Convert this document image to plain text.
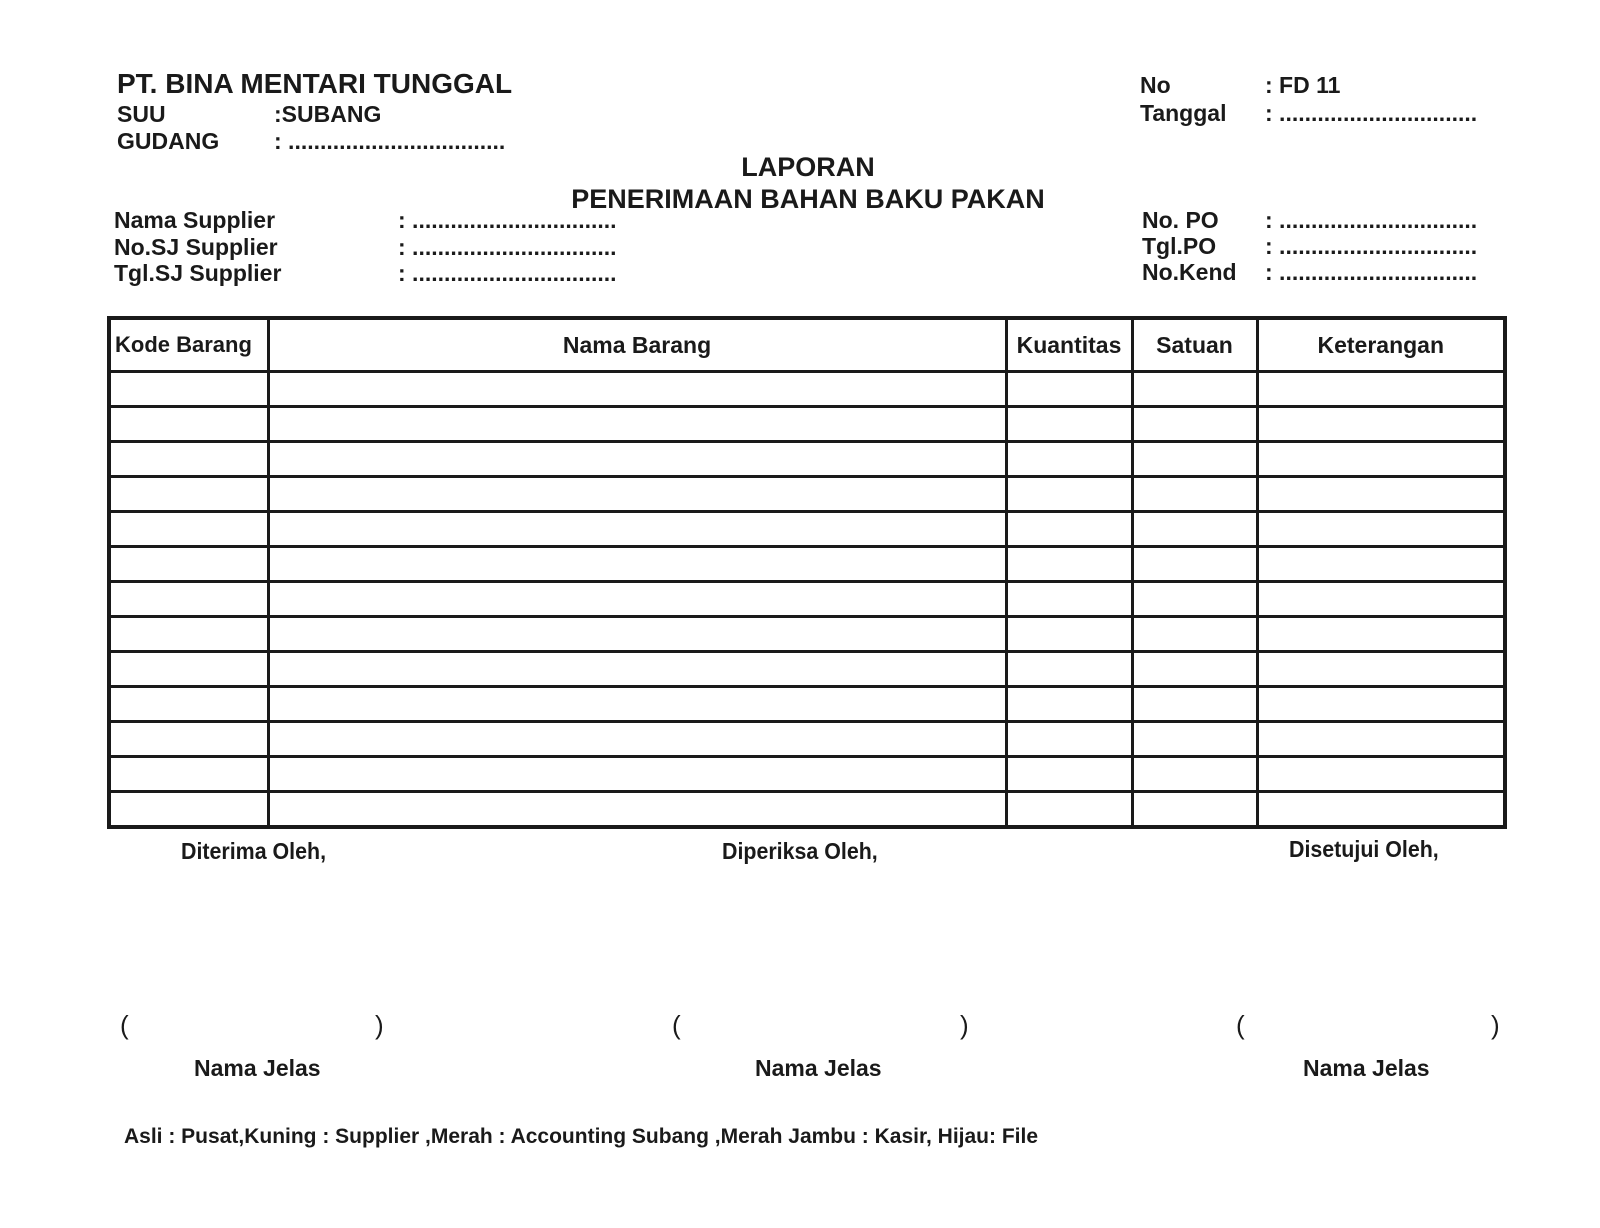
PT. BINA MENTARI TUNGGAL
SUU	:SUBANG
GUDANG : ..................................
No	: FD 11
Tanggal : ...............................
LAPORAN
PENERIMAAN BAHAN BAKU PAKAN
Nama Supplier	: ................................
No.SJ Supplier	: ................................
Tgl.SJ Supplier	: ................................
No. PO : ...............................
Tgl.PO : ...............................
No.Kend : ...............................
Kode Barang	Nama Barang	Kuantitas	Satuan	Keterangan

Diterima Oleh,	Diperiksa Oleh,	Disetujui Oleh,
(	)	(	)	(	)
Nama Jelas	Nama Jelas	Nama Jelas
Asli : Pusat,Kuning : Supplier ,Merah : Accounting Subang ,Merah Jambu : Kasir, Hijau: File
